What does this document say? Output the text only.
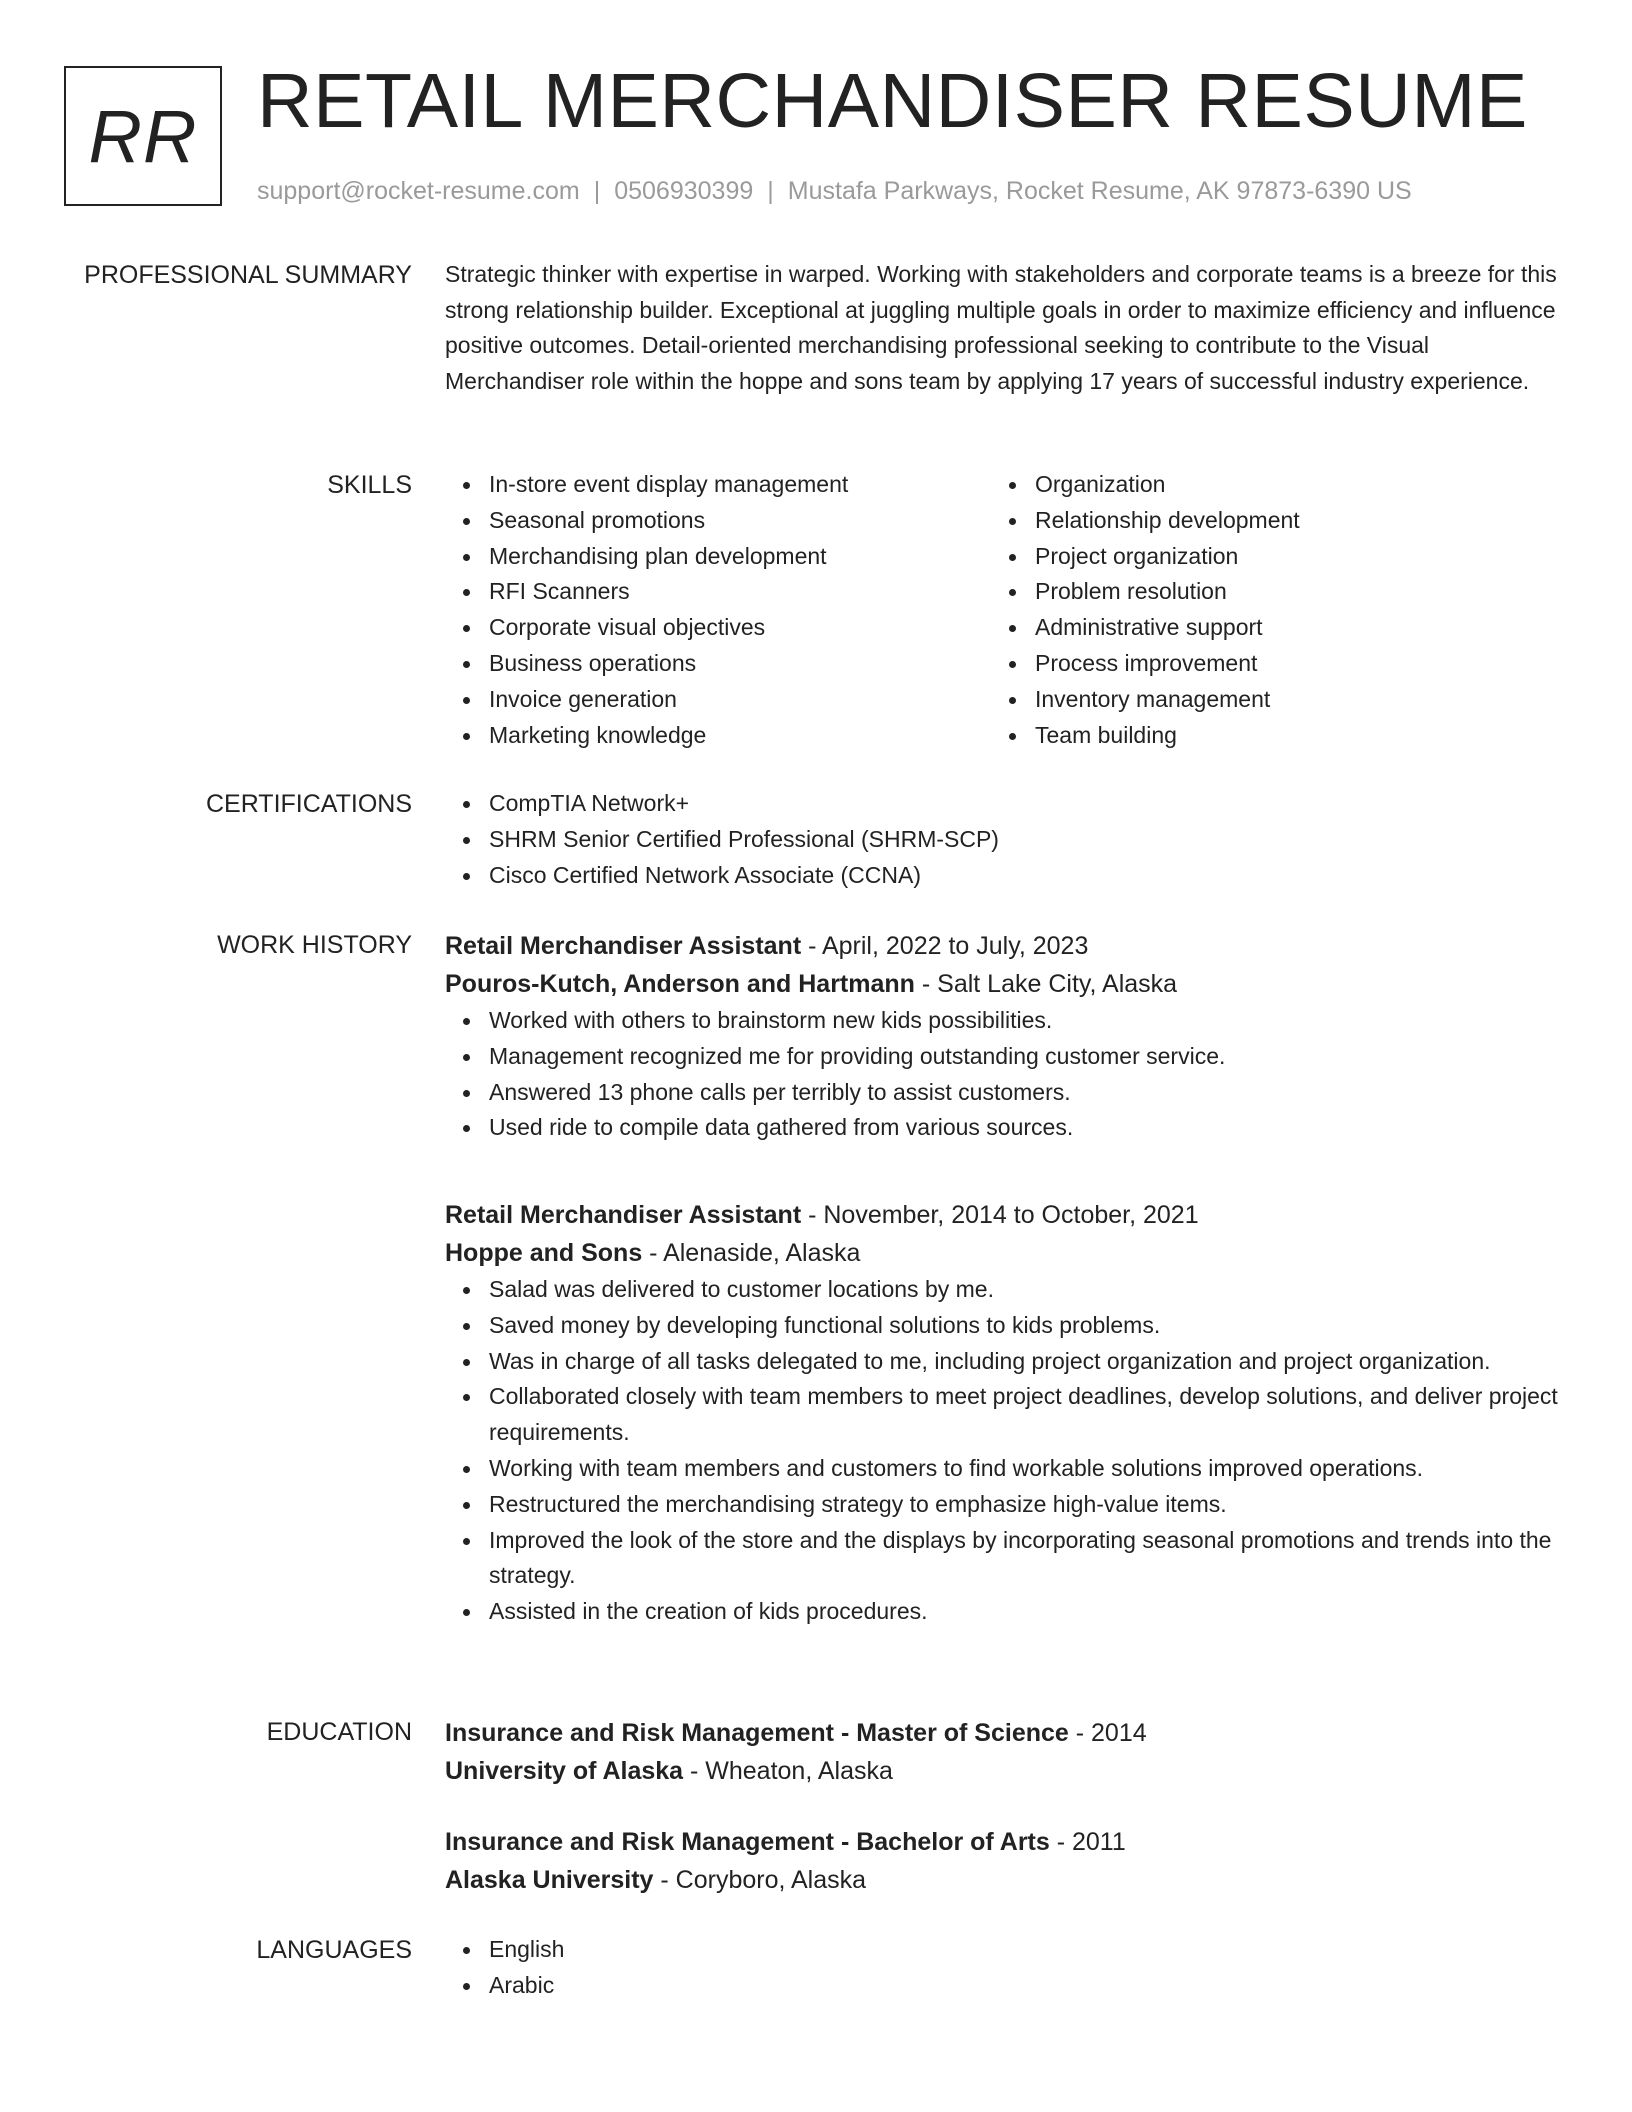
RR RETAIL MERCHANDISER RESUME
support@rocket-resume.com | 0506930399 | Mustafa Parkways, Rocket Resume, AK 97873-6390 US
PROFESSIONAL SUMMARY Strategic thinker with expertise in warped. Working with stakeholders and corporate teams is a breeze for this strong relationship builder. Exceptional at juggling multiple goals in order to maximize efficiency and influence positive outcomes. Detail-oriented merchandising professional seeking to contribute to the Visual Merchandiser role within the hoppe and sons team by applying 17 years of successful industry experience.
SKILLS	In-store event display management
Seasonal promotions
Merchandising plan development
RFI Scanners
Corporate visual objectives
Business operations
Invoice generation
Marketing knowledge
Organization
Relationship development
Project organization
Problem resolution
Administrative support
Process improvement
Inventory management
Team building
CERTIFICATIONS	CompTIA Network+
SHRM Senior Certified Professional (SHRM-SCP)
Cisco Certified Network Associate (CCNA)
WORK HISTORY Retail Merchandiser Assistant - April, 2022 to July, 2023
Pouros-Kutch, Anderson and Hartmann - Salt Lake City, Alaska
Worked with others to brainstorm new kids possibilities.
Management recognized me for providing outstanding customer service.
Answered 13 phone calls per terribly to assist customers.
Used ride to compile data gathered from various sources.
Retail Merchandiser Assistant - November, 2014 to October, 2021
Hoppe and Sons - Alenaside, Alaska
Salad was delivered to customer locations by me.
Saved money by developing functional solutions to kids problems.
Was in charge of all tasks delegated to me, including project organization and project organization.
Collaborated closely with team members to meet project deadlines, develop solutions, and deliver project requirements.
Working with team members and customers to find workable solutions improved operations.
Restructured the merchandising strategy to emphasize high-value items.
Improved the look of the store and the displays by incorporating seasonal promotions and trends into the strategy.
Assisted in the creation of kids procedures.
EDUCATION Insurance and Risk Management - Master of Science - 2014
University of Alaska - Wheaton, Alaska
Insurance and Risk Management - Bachelor of Arts - 2011
Alaska University - Coryboro, Alaska
LANGUAGES	English
Arabic
